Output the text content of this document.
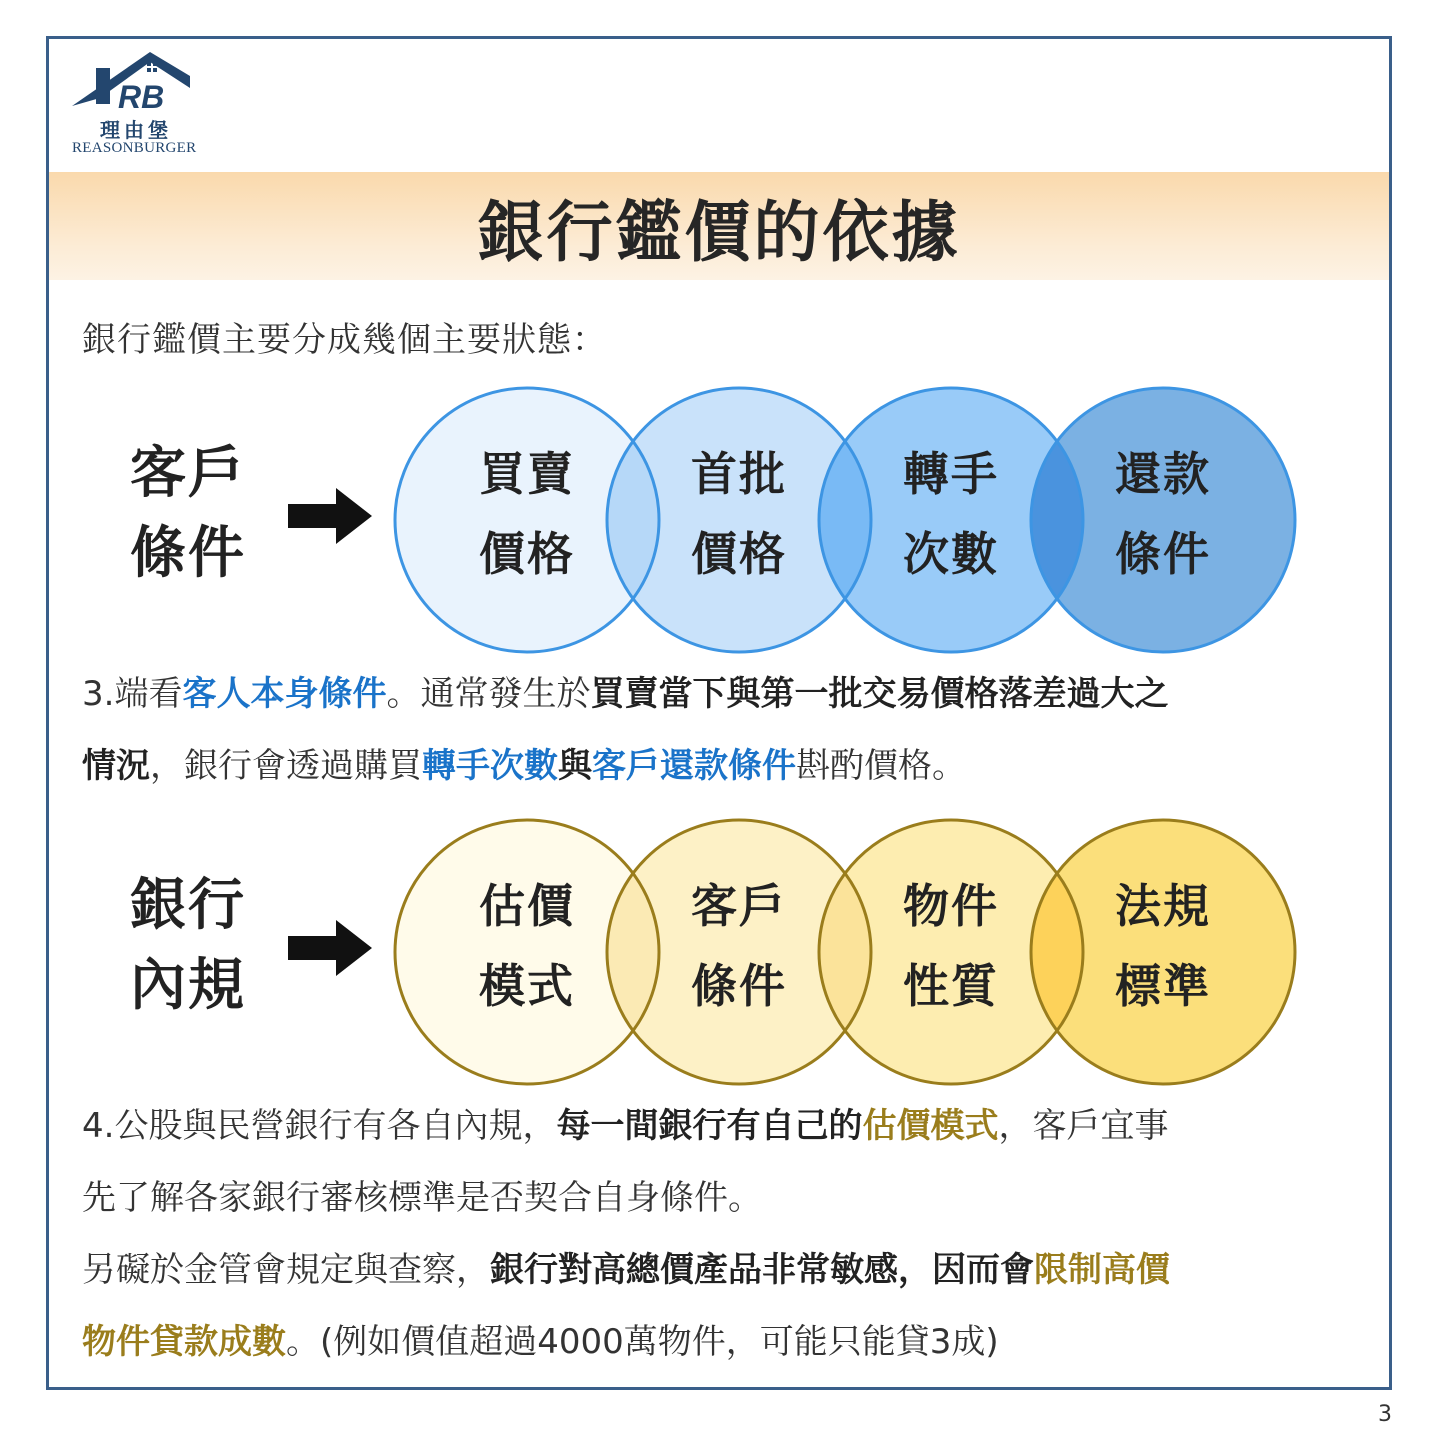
RB
理由堡
REASONBURGER
銀行鑑價的依據
銀行鑑價主要分成幾個主要狀態：
客戶
條件
買賣
價格
首批
價格
轉手
次數
還款
條件

3.端看客人本身條件。通常發生於買賣當下與第一批交易價格落差過大之

情況，銀行會透過購買轉手次數與客戶還款條件斟酌價格。

銀行
內規
估價
模式
客戶
條件
物件
性質
法規
標準

4.公股與民營銀行有各自內規，每一間銀行有自己的估價模式，客戶宜事

先了解各家銀行審核標準是否契合自身條件。

另礙於金管會規定與查察，銀行對高總價產品非常敏感，因而會限制高價

物件貸款成數。(例如價值超過4000萬物件，可能只能貸3成)

3
